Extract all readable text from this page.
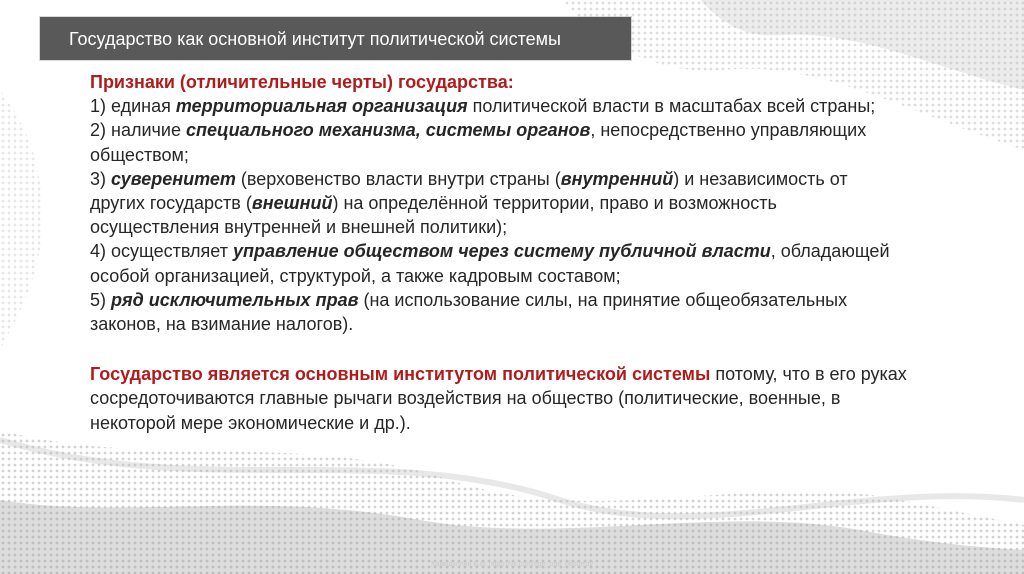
Государство как основной институт политической системы

Признаки (отличительные черты) государства:
1) единая территориальная организация политической власти в масштабах всей страны;
2) наличие специального механизма, системы органов, непосредственно управляющих
обществом;
3) суверенитет (верховенство власти внутри страны (внутренний) и независимость от
других государств (внешний) на определённой территории, право и возможность
осуществления внутренней и внешней политики);
4) осуществляет управление обществом через систему публичной власти, обладающей
особой организацией, структурой, а также кадровым составом;
5) ряд исключительных прав (на использование силы, на принятие общеобязательных
законов, на взимание налогов).

Государство является основным институтом политической системы потому, что в его руках
сосредоточиваются главные рычаги воздействия на общество (политические, военные, в
некоторой мере экономические и др.).

Хамидуллин Б.И. https://vk.com/ege_oge_obshestv
